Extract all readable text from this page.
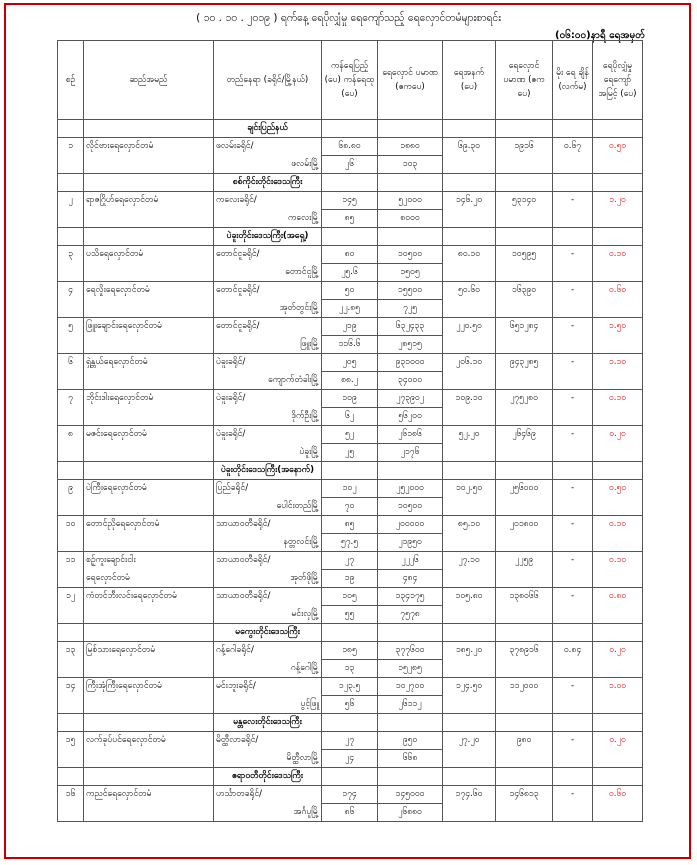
( ၁၀ . ၁၀ . ၂၀၁၉ ) ရက်နေ့ ရေပိုလျှံမှု ရေကျော်သည့် ရေလှောင်တမံများစာရင်း
(၀၆:၀၀)နာရီ ရေအမှတ်
စဉ်	ဆည်အမည်	တည်နေရာ (ခရိုင်/မြို့နယ်)	ကန်ရေပြည့် (ပေ) ကန်ရေထု (ပေ)	ရေလှောင် ပမာဏ (ဧကပေ)	ရေအနက် (ပေ)	ရေလှောင် ပမာဏ (ဧကပေ)	မိုး ရေ ချိန် (လက်မ)	ရေပိုလျှံမှု ရေကျော် အမြင့် (ပေ)
		ချင်းပြည်နယ်						
၁	လိုင်ဗားရေလှောင်တမံ	ဖလမ်းခရိုင်/	၆၈.၈၀	၁၈၈၀	၆၉.၃၀	၁၉၁၆	၀.၆၇	၀.၅၀
		ဖလမ်းမြို့	၂၆	၁၀၃				
		စစ်ကိုင်းတိုင်းဒေသကြီး						
၂	ရာဇဂြိုဟ်ရေလှောင်တမံ	ကလေးခရိုင်/	၁၄၅	၅၂၀၀၀	၁၄၆.၂၀	၅၃၁၄၀	-	၁.၂၀
		ကလေးမြို့	၈၅	၈၀၀၀				
		ပဲခူးတိုင်းဒေသကြီး(အရှေ့)						
၃	ပသိရေလှောင်တမံ	တောင်ငူခရိုင်/	၈၀	၁၀၅၀၀	၈၀.၁၀	၁၀၅၉၅	-	၀.၁၀
		တောင်ငူမြို့	၂၅.၆	၁၅၀၅				
၄	ရေလှိုးရေလှောင်တမံ	တောင်ငူခရိုင်/	၅၀	၁၅၅၀၀	၅၀.၆၀	၁၆၃၉၀	-	၀.၆၀
		အုတ်တွင်းမြို့	၂၂.၈၅	၇၂၅				
၅	ဖြူးချောင်းရေလှောင်တမံ	တောင်ငူခရိုင်/	၂၁၉	၆၃၂၄၃၃	၂၂၀.၅၀	၆၅၁၂၈၄	-	၁.၅၀
		ဖြူးမြို့	၁၁၆.၆	၂၈၅၁၅				
၆	ရှဲန္တယ်ရေလှောင်တမံ	ပဲခူးခရိုင်/	၂၀၅	၉၃၁၀၀၀	၂၀၆.၁၀	၉၄၃၂၈၅	-	၁.၁၀
		ကျောက်တံခါးမြို့	၈၈.၂	၃၄၀၀၀				
၇	ဘိုင်းဒါးရေလှောင်တမံ	ပဲခူးခရိုင်/	၁၀၉	၂၇၃၉၀၂	၁၀၉.၁၀	၂၇၅၂၈၀	-	၀.၁၀
		ဒိုက်ဦးမြို့	၆၂	၅၆၂၀၀				
၈	မဇင်းရေလှောင်တမံ	ပဲခူးခရိုင်/	၅၂	၂၆၁၈၆	၅၂.၂၀	၂၆၄၆၉	-	၀.၂၀
		ပဲခူးမြို့	၂၅	၂၁၇၆				
		ပဲခူးတိုင်းဒေသကြီး(အနောက်)						
၉	ပဲကြီးရေလှောင်တမံ	ပြည်ခရိုင်/	၁၀၂	၂၅၂၀၀၀	၁၀၂.၅၀	၂၅၆၀၀၀	-	၀.၅၀
		ပေါင်းတည်မြို့	၇၀	၁၀၅၀၀				
၁၀	တောင်ညိုရေလှောင်တမံ	သာယာဝတီခရိုင်/	၈၅	၂၀၀၀၀၀	၈၅.၁၀	၂၀၁၈၀၀	-	၀.၁၀
		နတ္တလင်းမြို့	၅၇.၅	၂၁၉၅၀				
၁၁	စဉ့်ကူးချောင်းငါး	သာယာဝတီခရိုင်/	၂၇	၂၂၂၆	၂၇.၁၀	၂၂၅၉	-	၀.၁၀
	ရေလှောင်တမံ	အုတ်ဖိုမြို့	၁၉	၄၈၄				
၁၂	ကံတင်ဘီးလင်းရေလှောင်တမံ	သာယာဝတီခရိုင်/	၁၀၅	၁၃၄၁၇၅	၁၀၅.၈၀	၁၃၈၀၆၆	-	၀.၈၀
		မင်းလှမြို့	၅၅	၇၅၇၈				
		မကွေးတိုင်းဒေသကြီး						
၁၃	မြစ်သားရေလှောင်တမံ	ဂန့်ဂေါခရိုင်/	၁၈၅	၃၇၇၆၀၀	၁၈၅.၂၀	၃၇၈၉၁၆	၀.၈၄	၀.၂၀
		ဂန့်ဂေါမြို့	၁၃	၁၅၂၈၅				
၁၄	ကြီးအုံကြီးရေလှောင်တမံ	မင်းဘူးခရိုင်/	၁၂၃.၅	၁၀၂၇၀၀	၁၂၄.၅၀	၁၁၂၀၀၀	-	၁.၀၀
		ပွင့်ဖြူ	၅၆	၂၆၁၁၂				
		မန္တလေးတိုင်းဒေသကြီး						
၁၅	လက်ခုပ်ပင်ရေလှောင်တမံ	မိတ္ထီလာခရိုင်/	၂၇	၉၅၀	၂၇.၂၀	၉၈၀	-	၀.၂၀
		မိတ္ထီလာမြို့	၂၄	၆၆၈				
		ဧရာဝတီတိုင်းဒေသကြီး						
၁၆	ကညင်ရေလှောင်တမံ	ဟင်္သာတခရိုင်/	၁၇၄	၁၄၅၀၀၀	၁၇၄.၆၀	၁၄၆၈၁၃	-	၀.၆၀
		အင်္ဂပူမြို့	၈၆	၂၆၈၈၀				
